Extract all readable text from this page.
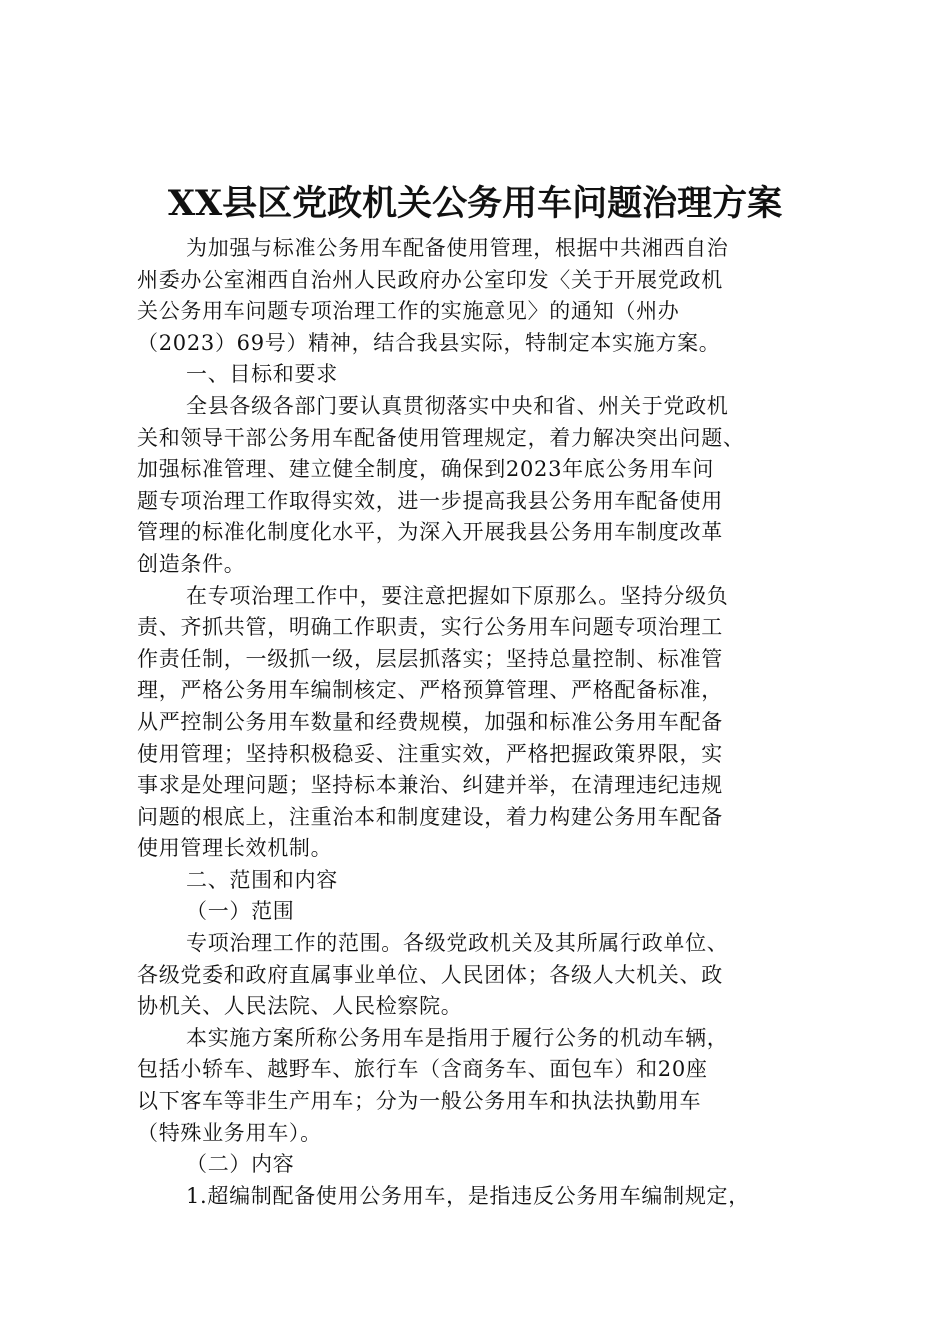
XX县区党政机关公务用车问题治理方案
为加强与标准公务用车配备使用管理，根据中共湘西自治
州委办公室湘西自治州人民政府办公室印发〈关于开展党政机
关公务用车问题专项治理工作的实施意见〉的通知（州办
（2023）69号）精神，结合我县实际，特制定本实施方案。
一、目标和要求
全县各级各部门要认真贯彻落实中央和省、州关于党政机
关和领导干部公务用车配备使用管理规定，着力解决突出问题、
加强标准管理、建立健全制度，确保到2023年底公务用车问
题专项治理工作取得实效，进一步提高我县公务用车配备使用
管理的标准化制度化水平，为深入开展我县公务用车制度改革
创造条件。
在专项治理工作中，要注意把握如下原那么。坚持分级负
责、齐抓共管，明确工作职责，实行公务用车问题专项治理工
作责任制，一级抓一级，层层抓落实；坚持总量控制、标准管
理，严格公务用车编制核定、严格预算管理、严格配备标准，
从严控制公务用车数量和经费规模，加强和标准公务用车配备
使用管理；坚持积极稳妥、注重实效，严格把握政策界限，实
事求是处理问题；坚持标本兼治、纠建并举，在清理违纪违规
问题的根底上，注重治本和制度建设，着力构建公务用车配备
使用管理长效机制。
二、范围和内容
（一）范围
专项治理工作的范围。各级党政机关及其所属行政单位、
各级党委和政府直属事业单位、人民团体；各级人大机关、政
协机关、人民法院、人民检察院。
本实施方案所称公务用车是指用于履行公务的机动车辆，
包括小轿车、越野车、旅行车（含商务车、面包车）和20座
以下客车等非生产用车；分为一般公务用车和执法执勤用车
（特殊业务用车）。
（二）内容
1.超编制配备使用公务用车，是指违反公务用车编制规定，
